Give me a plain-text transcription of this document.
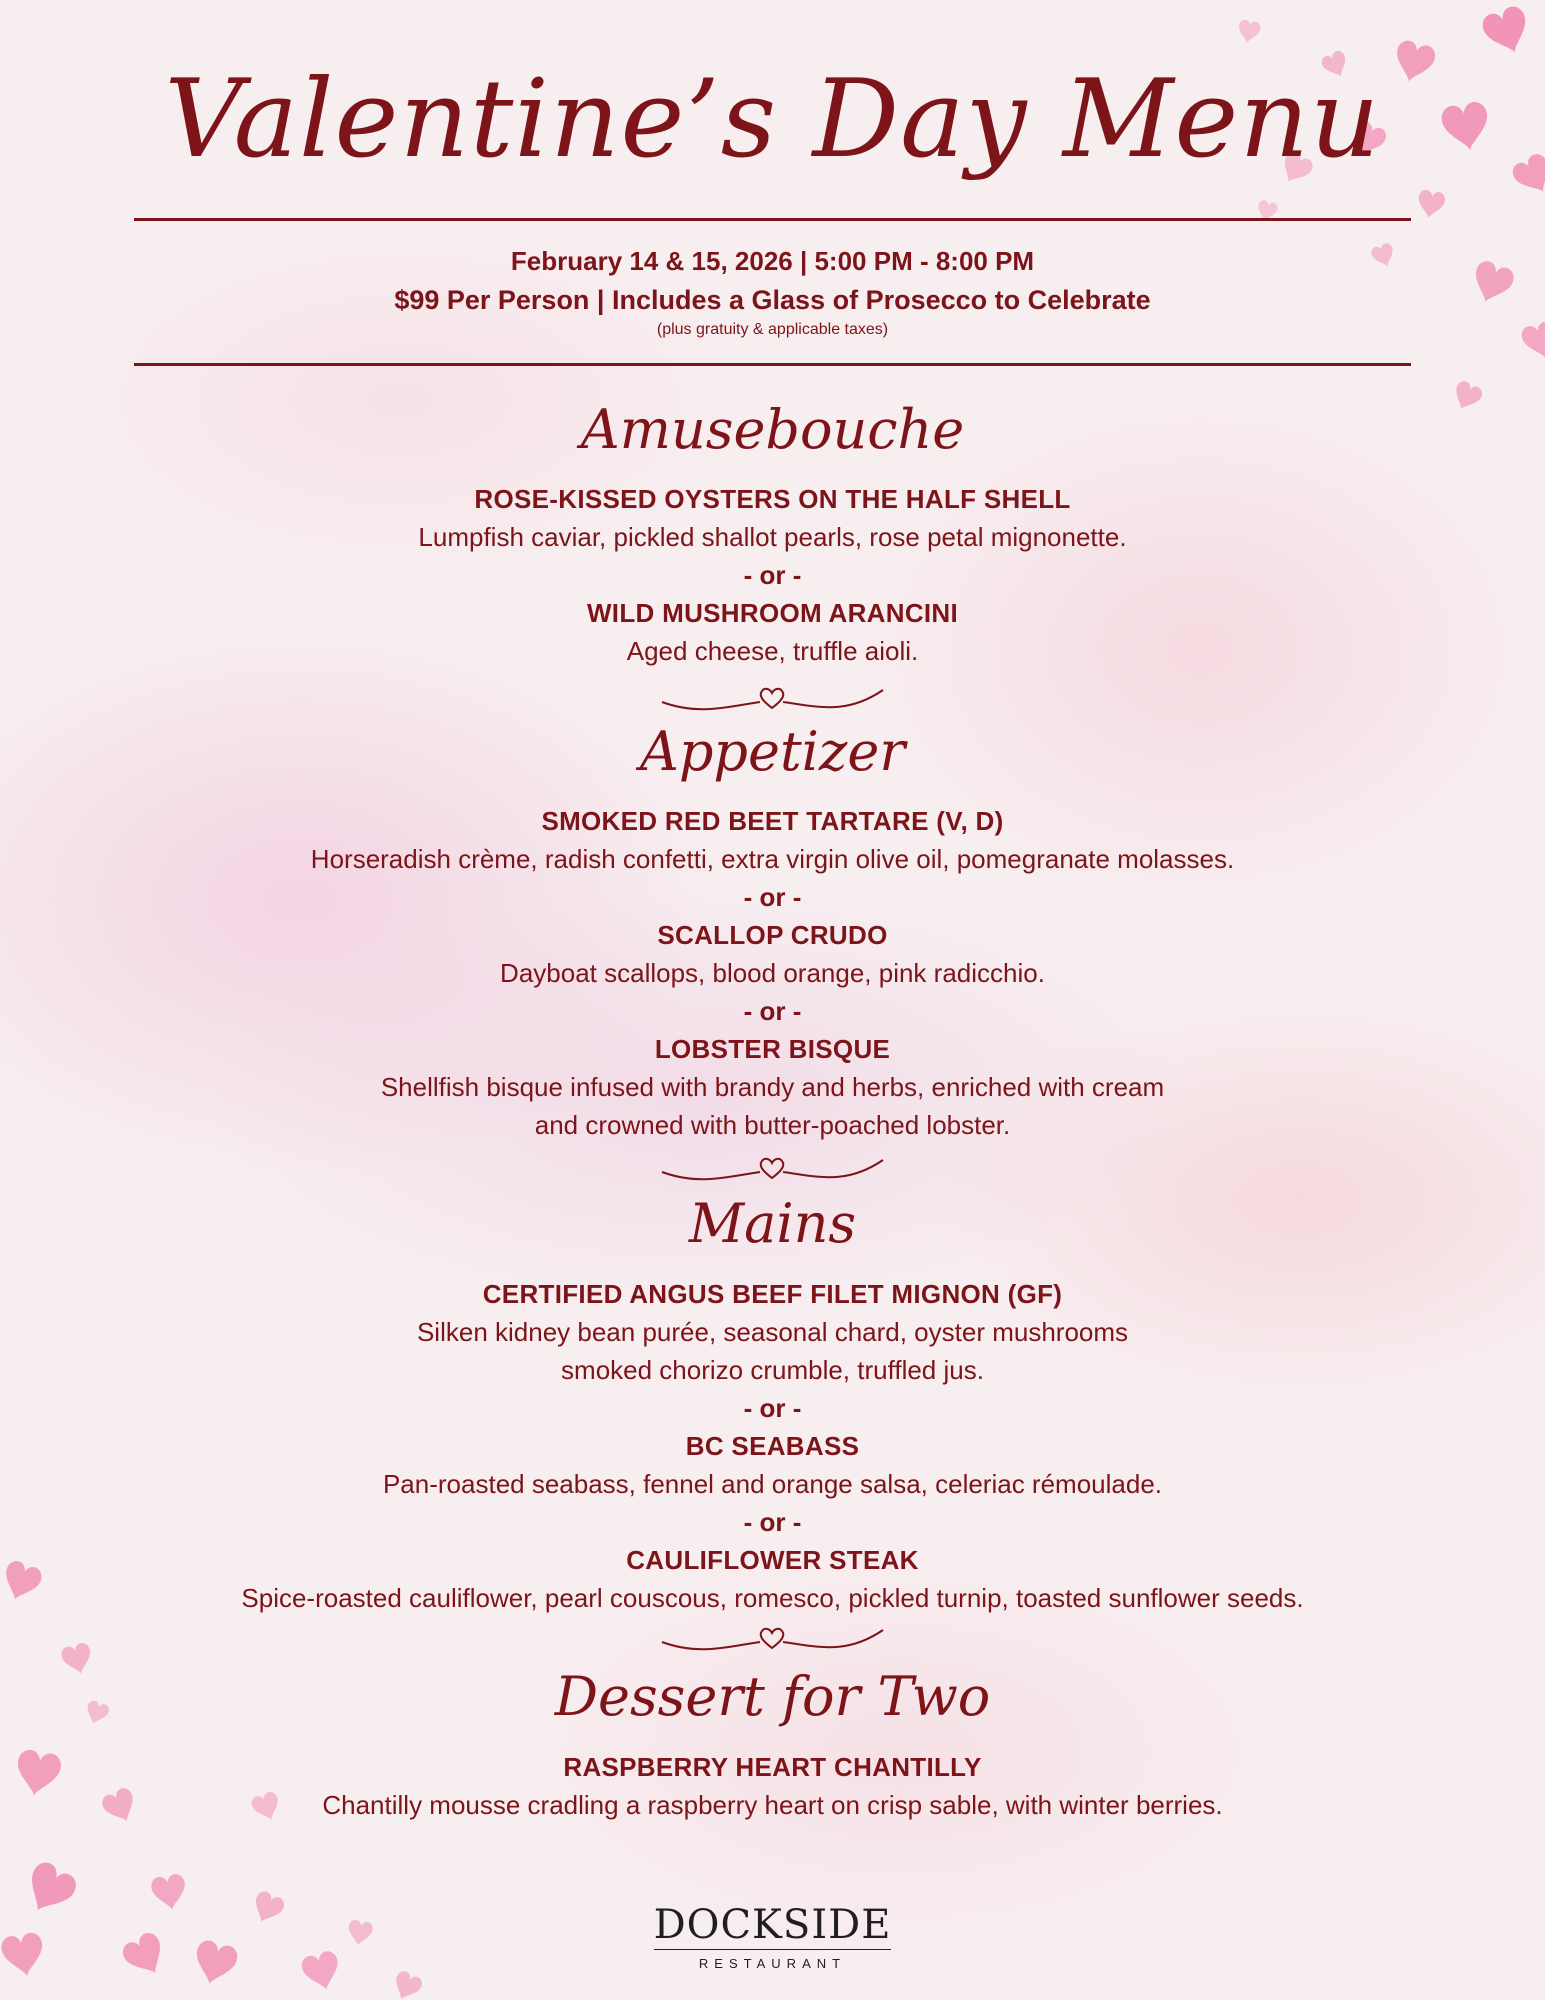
Valentine’s Day Menu
February 14 & 15, 2026 | 5:00 PM - 8:00 PM
$99 Per Person | Includes a Glass of Prosecco to Celebrate
(plus gratuity & applicable taxes)
Amusebouche
ROSE-KISSED OYSTERS ON THE HALF SHELL
Lumpfish caviar, pickled shallot pearls, rose petal mignonette.
- or -
WILD MUSHROOM ARANCINI
Aged cheese, truffle aioli.
Appetizer
SMOKED RED BEET TARTARE (V, D)
Horseradish crème, radish confetti, extra virgin olive oil, pomegranate molasses.
- or -
SCALLOP CRUDO
Dayboat scallops, blood orange, pink radicchio.
- or -
LOBSTER BISQUE
Shellfish bisque infused with brandy and herbs, enriched with cream
and crowned with butter-poached lobster.
Mains
CERTIFIED ANGUS BEEF FILET MIGNON (GF)
Silken kidney bean purée, seasonal chard, oyster mushrooms
smoked chorizo crumble, truffled jus.
- or -
BC SEABASS
Pan-roasted seabass, fennel and orange salsa, celeriac rémoulade.
- or -
CAULIFLOWER STEAK
Spice-roasted cauliflower, pearl couscous, romesco, pickled turnip, toasted sunflower seeds.
Dessert for Two
RASPBERRY HEART CHANTILLY
Chantilly mousse cradling a raspberry heart on crisp sable, with winter berries.
DOCKSIDE
RESTAURANT
